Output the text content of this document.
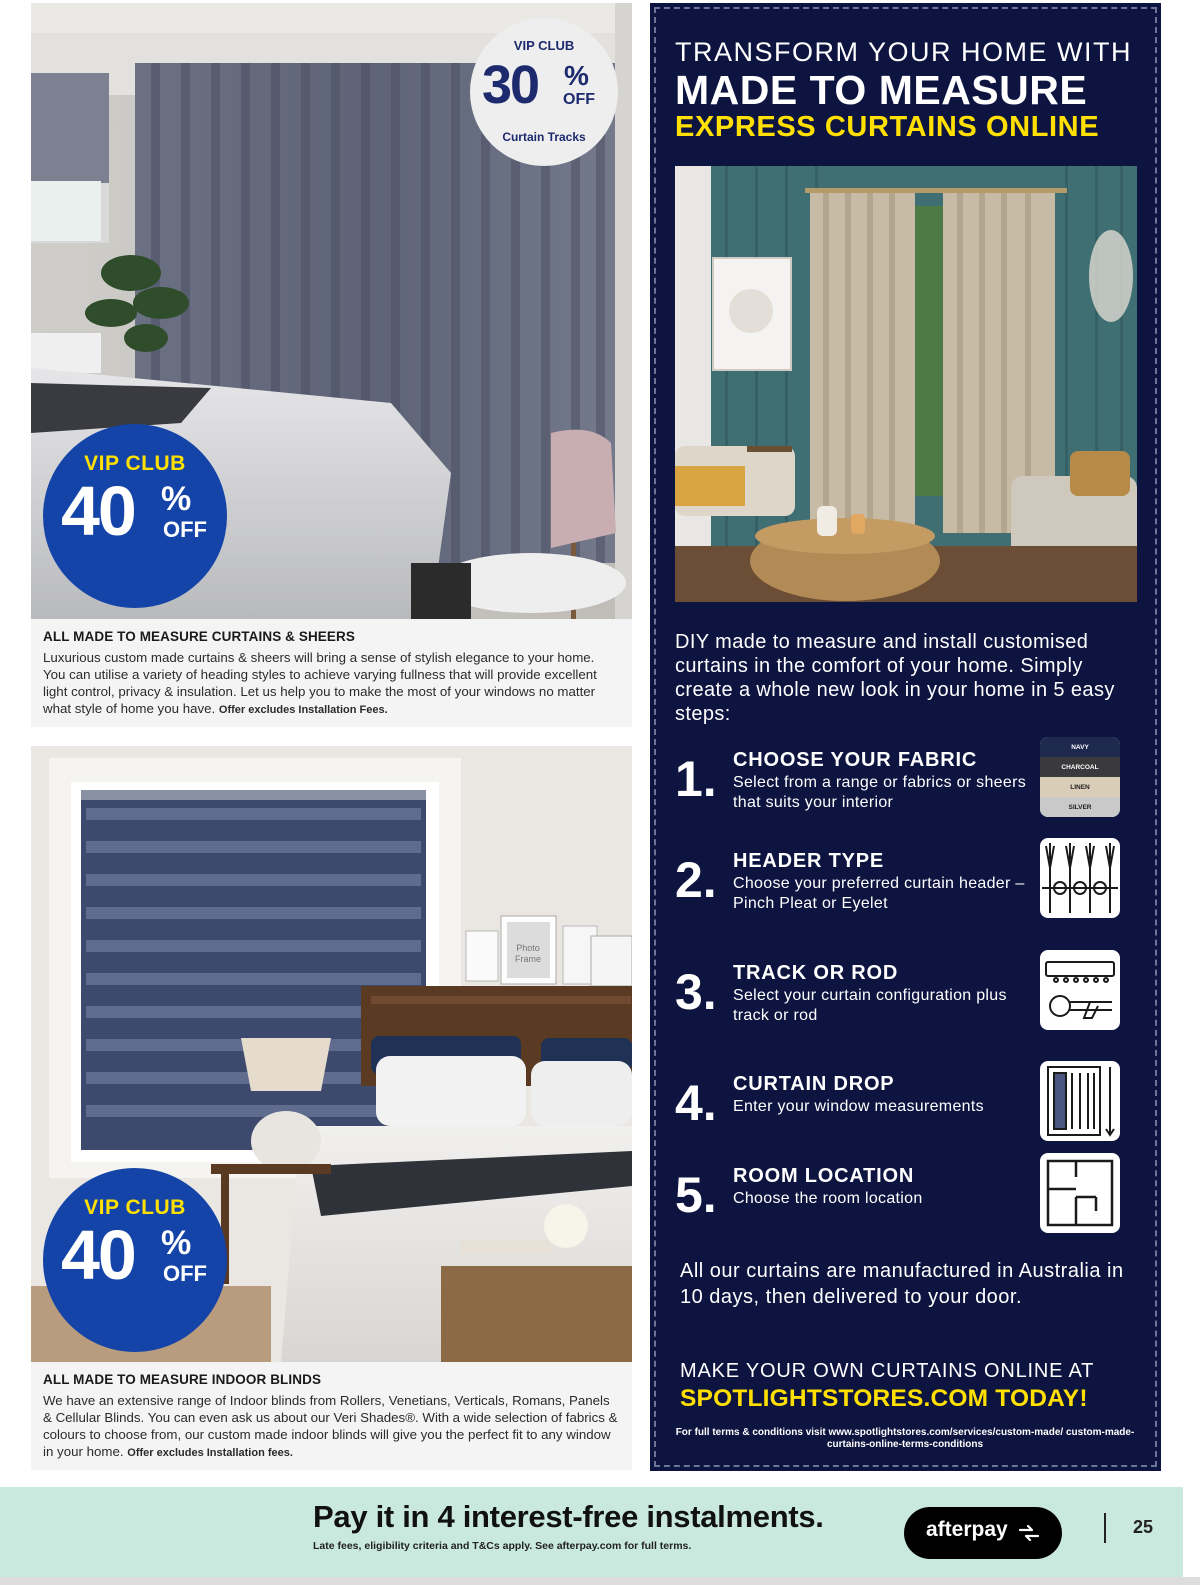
VIP CLUB
30 %
OFF
Curtain Tracks
VIP CLUB
40 %
OFF
ALL MADE TO MEASURE CURTAINS & SHEERS

Luxurious custom made curtains & sheers will bring a sense of stylish elegance to your home. You can utilise a variety of heading styles to achieve varying fullness that will provide excellent light control, privacy & insulation. Let us help you to make the most of your windows no matter what style of home you have. Offer excludes Installation Fees.

Photo
Frame
VIP CLUB
40 %
OFF
ALL MADE TO MEASURE INDOOR BLINDS

We have an extensive range of Indoor blinds from Rollers, Venetians, Verticals, Romans, Panels & Cellular Blinds. You can even ask us about our Veri Shades®. With a wide selection of fabrics & colours to choose from, our custom made indoor blinds will give you the perfect fit to any window in your home. Offer excludes Installation fees.

TRANSFORM YOUR HOME WITH
MADE TO MEASURE
EXPRESS CURTAINS ONLINE
DIY made to measure and install customised curtains in the comfort of your home. Simply create a whole new look in your home in 5 easy steps:
1. CHOOSE YOUR FABRIC
Select from a range or fabrics or sheers that suits your interior
NAVY
CHARCOAL
LINEN
SILVER
2. HEADER TYPE
Choose your preferred curtain header – Pinch Pleat or Eyelet
3. TRACK OR ROD
Select your curtain configuration plus track or rod
4. CURTAIN DROP
Enter your window measurements
5. ROOM LOCATION
Choose the room location
All our curtains are manufactured in Australia in 10 days, then delivered to your door.
MAKE YOUR OWN CURTAINS ONLINE AT
SPOTLIGHTSTORES.COM TODAY!
For full terms & conditions visit www.spotlightstores.com/services/custom-made/ custom-made-curtains-online-terms-conditions
Pay it in 4 interest-free instalments.
Late fees, eligibility criteria and T&Cs apply. See afterpay.com for full terms.
afterpay	25
